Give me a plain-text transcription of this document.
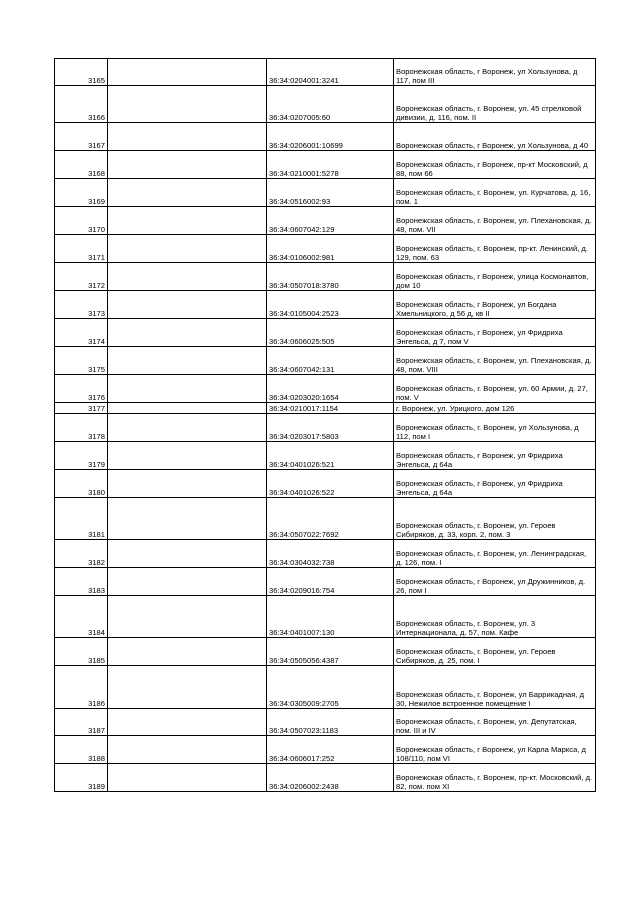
3165		36:34:0204001:3241	Воронежская область, г Воронеж, ул Хользунова, д 117, пом III
3166		36:34:0207005:60	Воронежская область, г. Воронеж, ул. 45 стрелковой дивизии, д. 116, пом. II
3167		36:34:0206001:10699	Воронежская область, г Воронеж, ул Хользунова, д 40
3168		36:34:0210001:5278	Воронежская область, г Воронеж, пр-кт Московский, д 88, пом 66
3169		36:34:0516002:93	Воронежская область, г. Воронеж, ул. Курчатова, д. 16, пом. 1
3170		36:34:0607042:129	Воронежская область, г. Воронеж, ул. Плехановская, д. 48, пом. VII
3171		36:34:0106002:981	Воронежская область, г. Воронеж, пр-кт. Ленинский, д. 129, пом. 63
3172		36:34:0507018:3780	Воронежская область, г Воронеж, улица Космонавтов, дом 10
3173		36:34:0105004:2523	Воронежская область, г Воронеж, ул Богдана Хмельницкого, д 56 д, кв II
3174		36:34:0606025:505	Воронежская область, г Воронеж, ул Фридриха Энгельса, д 7, пом V
3175		36:34:0607042:131	Воронежская область, г. Воронеж, ул. Плехановская, д. 48, пом. VIII
3176		36:34:0203020:1654	Воронежская область, г. Воронеж, ул. 60 Армии, д. 27, пом. V
3177		36:34:0210017:1154	г. Воронеж, ул. Урицкого, дом 126
3178		36:34:0203017:5803	Воронежская область, г. Воронеж, ул Хользунова, д 112, пом I
3179		36:34:0401026:521	Воронежская область, г Воронеж, ул Фридриха Энгельса, д 64а
3180		36:34:0401026:522	Воронежская область, г Воронеж, ул Фридриха Энгельса, д 64а
3181		36:34:0507022:7692	Воронежская область, г. Воронеж, ул. Героев Сибиряков, д. 33, корп. 2, пом. 3
3182		36:34:0304032:738	Воронежская область, г. Воронеж, ул. Ленинградская, д. 126, пом. I
3183		36:34:0209016:754	Воронежская область, г Воронеж, ул Дружинников, д. 26, пом I
3184		36:34:0401007:130	Воронежская область, г. Воронеж, ул. 3 Интернационала, д. 57, пом. Кафе
3185		36:34:0505056:4387	Воронежская область, г. Воронеж, ул. Героев Сибиряков, д. 25, пом. I
3186		36:34:0305009:2705	Воронежская область, г. Воронеж, ул Баррикадная, д 30, Нежилое встроенное помещение I
3187		36:34:0507023:1183	Воронежская область, г. Воронеж, ул. Депутатская, пом. III и IV
3188		36:34:0606017:252	Воронежская область, г Воронеж, ул Карла Маркса, д 108/110, пом VI
3189		36:34:0206002:2438	Воронежская область, г. Воронеж, пр-кт. Московский, д. 82, пом. пом XI
